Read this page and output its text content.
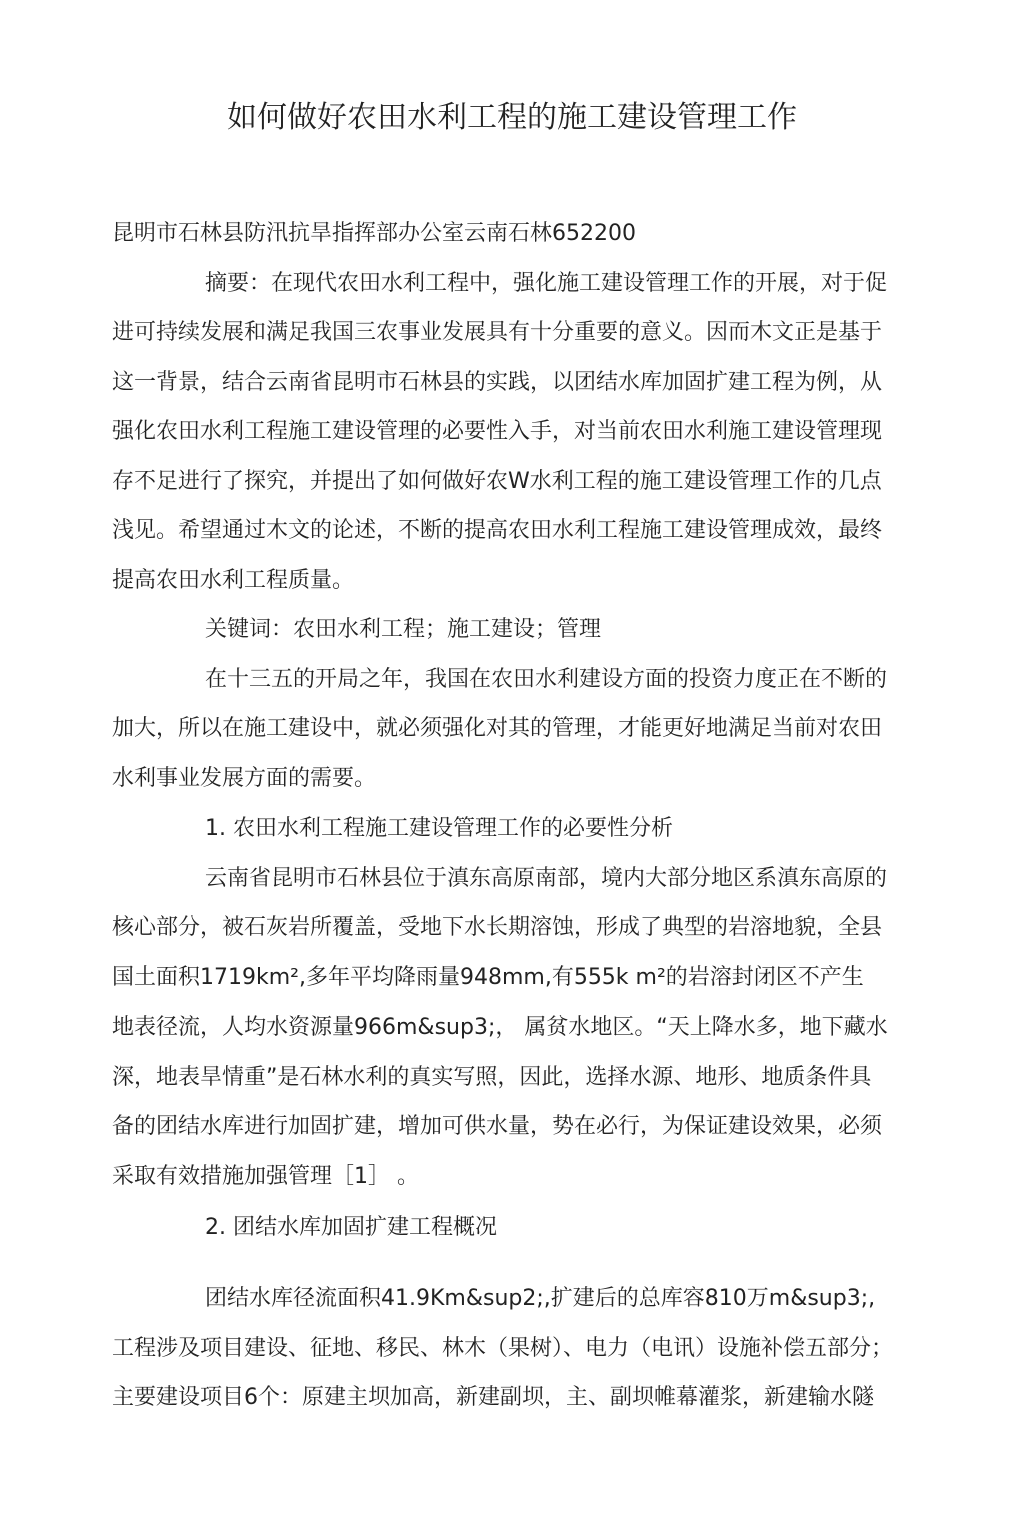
如何做好农田水利工程的施工建设管理工作
昆明市石林县防汛抗旱指挥部办公室云南石林652200
摘要：在现代农田水利工程中，强化施工建设管理工作的开展，对于促
进可持续发展和满足我国三农事业发展具有十分重要的意义。因而木文正是基于
这一背景，结合云南省昆明市石林县的实践，以团结水库加固扩建工程为例，从
强化农田水利工程施工建设管理的必要性入手，对当前农田水利施工建设管理现
存不足进行了探究，并提出了如何做好农W水利工程的施工建设管理工作的几点
浅见。希望通过木文的论述，不断的提高农田水利工程施工建设管理成效，最终
提高农田水利工程质量。
关键词：农田水利工程；施工建设；管理
在十三五的开局之年，我国在农田水利建设方面的投资力度正在不断的
加大，所以在施工建设中，就必须强化对其的管理，才能更好地满足当前对农田
水利事业发展方面的需要。
1. 农田水利工程施工建设管理工作的必要性分析
云南省昆明市石林县位于滇东高原南部，境内大部分地区系滇东高原的
核心部分，被石灰岩所覆盖，受地下水长期溶蚀，形成了典型的岩溶地貌，全县
国土面积1719km²,多年平均降雨量948mm,有555k m²的岩溶封闭区不产生
地表径流，人均水资源量966m&sup3;， 属贫水地区。“天上降水多，地下藏水
深，地表旱情重”是石林水利的真实写照，因此，选择水源、地形、地质条件具
备的团结水库进行加固扩建，增加可供水量，势在必行，为保证建设效果，必须
采取有效措施加强管理［1］ 。
2. 团结水库加固扩建工程概况
团结水库径流面积41.9Km&sup2;,扩建后的总库容810万m&sup3;,
工程涉及项目建设、征地、移民、林木（果树）、电力（电讯）设施补偿五部分；
主要建设项目6个：原建主坝加高，新建副坝，主、副坝帷幕灌浆，新建输水隧
